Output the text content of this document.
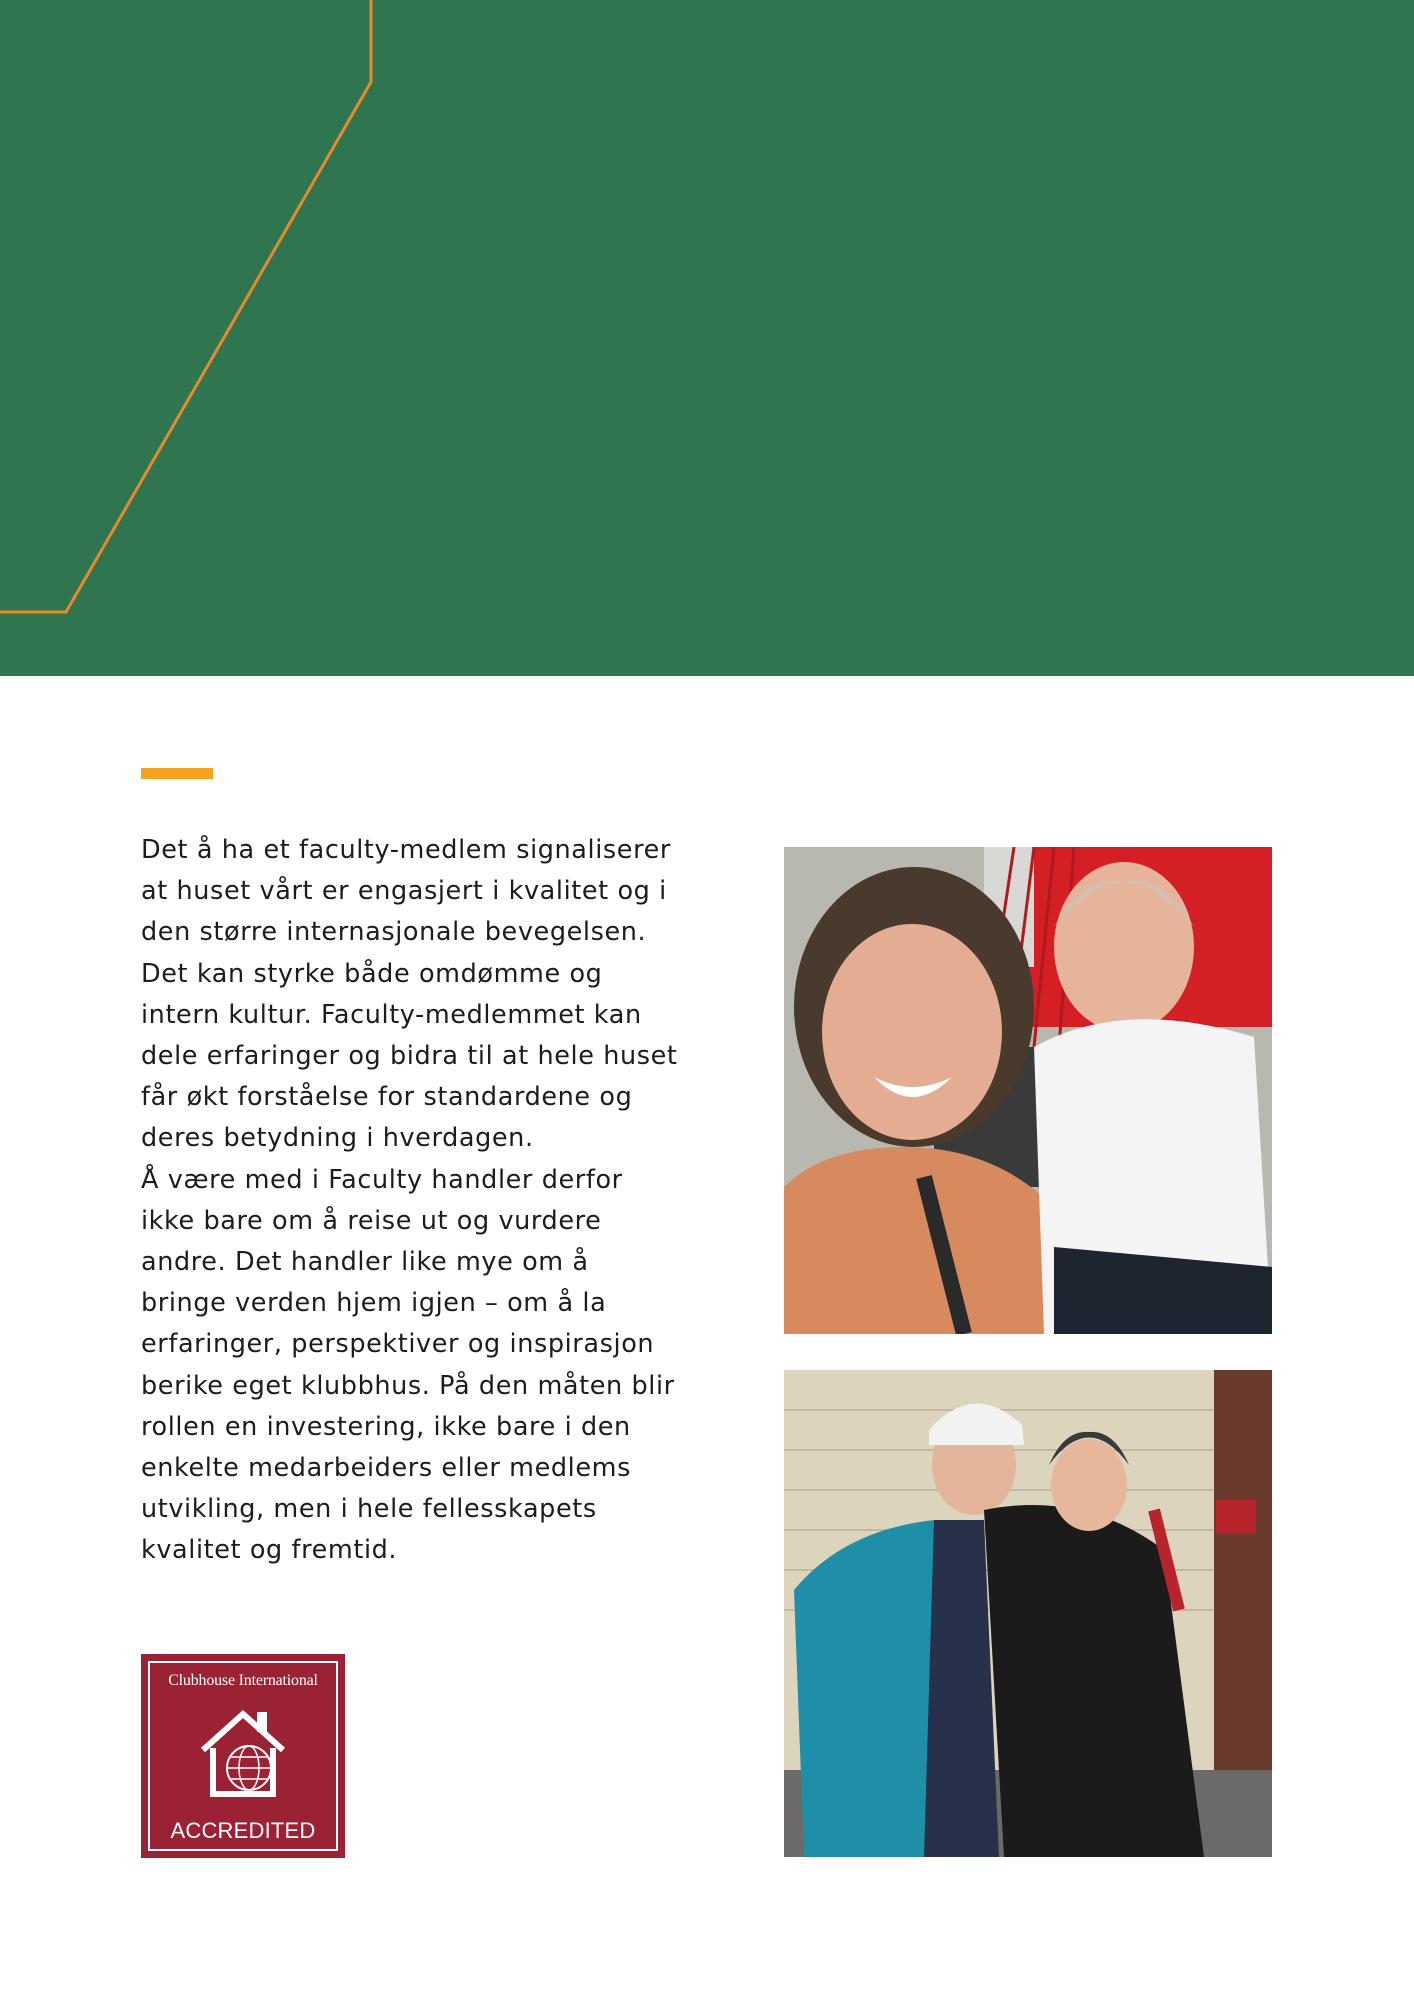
Det å ha et faculty-medlem signaliserer at huset vårt er engasjert i kvalitet og i den større internasjonale bevegelsen. Det kan styrke både omdømme og intern kultur. Faculty-medlemmet kan dele erfaringer og bidra til at hele huset får økt forståelse for standardene og deres betydning i hverdagen.

Å være med i Faculty handler derfor ikke bare om å reise ut og vurdere andre. Det handler like mye om å bringe verden hjem igjen – om å la erfaringer, perspektiver og inspirasjon berike eget klubbhus. På den måten blir rollen en investering, ikke bare i den enkelte medarbeiders eller medlems utvikling, men i hele fellesskapets kvalitet og fremtid.

Clubhouse International
ACCREDITED
